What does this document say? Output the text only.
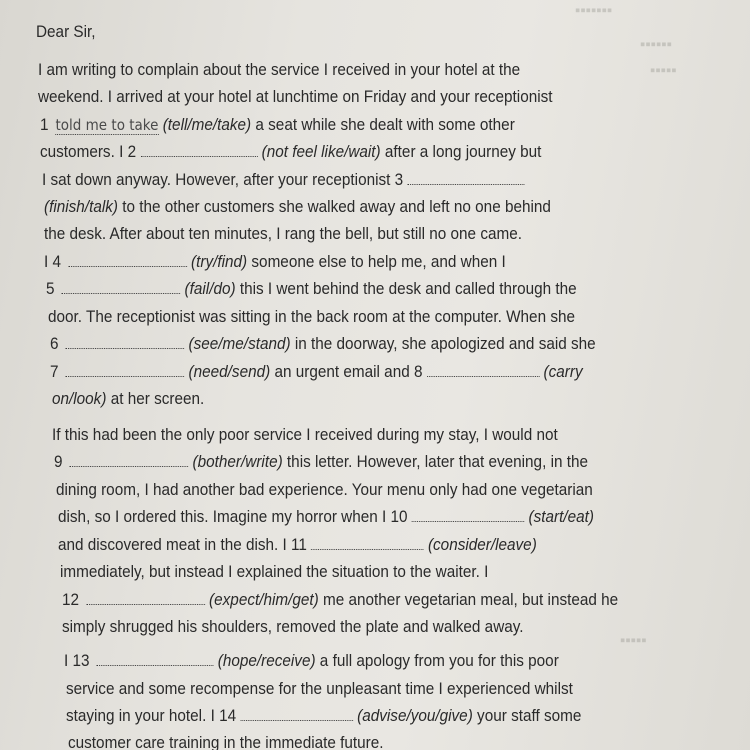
▪▪▪▪▪▪▪
▪▪▪▪▪▪
▪▪▪▪▪
▪▪▪▪▪
Dear Sir,
I am writing to complain about the service I received in your hotel at the
weekend. I arrived at your hotel at lunchtime on Friday and your receptionist
1 told me to take (tell/me/take) a seat while she dealt with some other
customers. I 2	(not feel like/wait) after a long journey but
I sat down anyway. However, after your receptionist 3
(finish/talk) to the other customers she walked away and left no one behind
the desk. After about ten minutes, I rang the bell, but still no one came.
I 4	(try/find) someone else to help me, and when I
5	(fail/do) this I went behind the desk and called through the
door. The receptionist was sitting in the back room at the computer. When she
6	(see/me/stand) in the doorway, she apologized and said she
7	(need/send) an urgent email and 8	(carry
on/look) at her screen.
If this had been the only poor service I received during my stay, I would not
9	(bother/write) this letter. However, later that evening, in the
dining room, I had another bad experience. Your menu only had one vegetarian
dish, so I ordered this. Imagine my horror when I 10	(start/eat)
and discovered meat in the dish. I 11	(consider/leave)
immediately, but instead I explained the situation to the waiter. I
12	(expect/him/get) me another vegetarian meal, but instead he
simply shrugged his shoulders, removed the plate and walked away.
I 13	(hope/receive) a full apology from you for this poor
service and some recompense for the unpleasant time I experienced whilst
staying in your hotel. I 14	(advise/you/give) your staff some
customer care training in the immediate future.
